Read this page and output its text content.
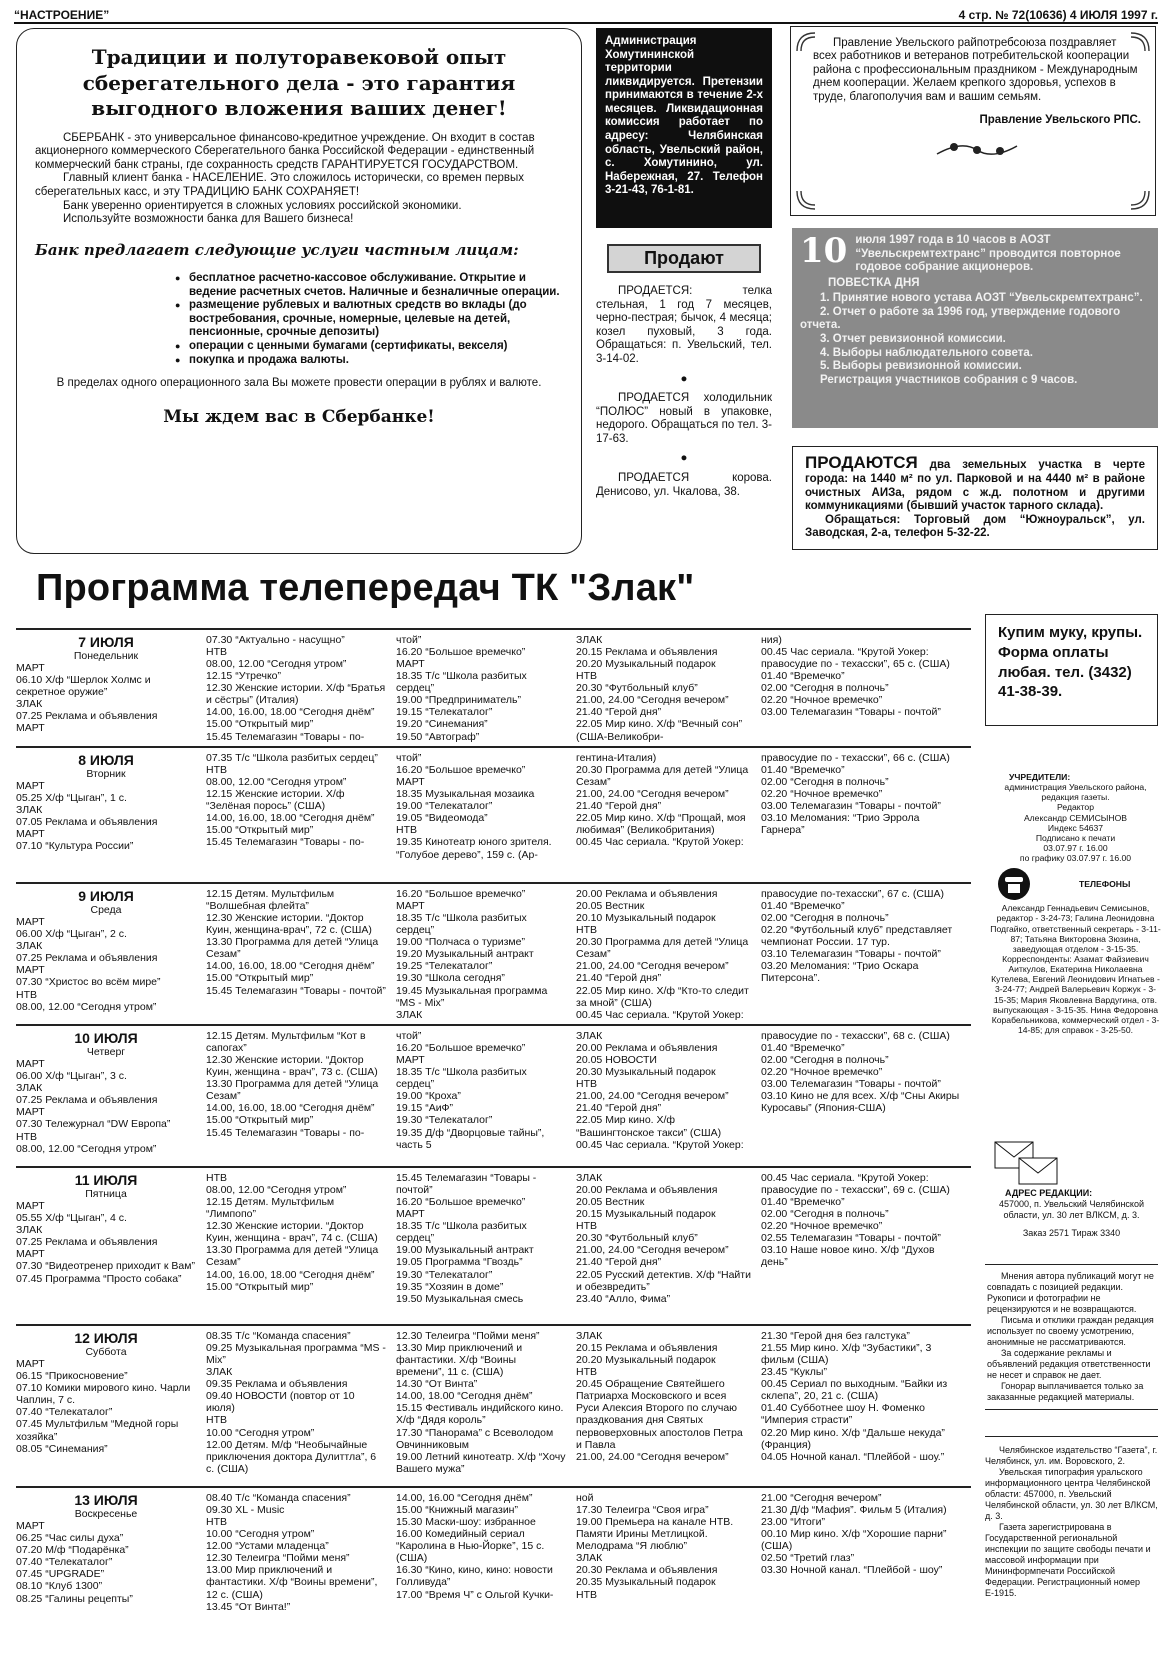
“НАСТРОЕНИЕ”	4 стр. № 72(10636) 4 ИЮЛЯ 1997 г.
Традиции и полуторавековой опыт сберегательного дела - это гарантия выгодного вложения ваших денег!

СБЕРБАНК - это универсальное финансово-кредитное учреждение. Он входит в состав акционерного коммерческого Сберегательного банка Российской Федерации - единственный коммерческий банк страны, где сохранность средств ГАРАНТИРУЕТСЯ ГОСУДАРСТВОМ.

Главный клиент банка - НАСЕЛЕНИЕ. Это сложилось исторически, со времен первых сберегательных касс, и эту ТРАДИЦИЮ БАНК СОХРАНЯЕТ!

Банк уверенно ориентируется в сложных условиях российской экономики.

Используйте возможности банка для Вашего бизнеса!

Банк предлагает следующие услуги частным лицам:
● бесплатное расчетно-кассовое обслуживание. Открытие и ведение расчетных счетов. Наличные и безналичные операции.
● размещение рублевых и валютных средств во вклады (до востребования, срочные, номерные, целевые на детей, пенсионные, срочные депозиты)
● операции с ценными бумагами (сертификаты, векселя)
● покупка и продажа валюты.

В пределах одного операционного зала Вы можете провести операции в рублях и валюте.

Мы ждем вас в Сбербанке!

Администрация Хомутининской территории ликвидируется. Претензии принимаются в течение 2-х месяцев. Ликвидационная комиссия работает по адресу: Челябинская область, Увельский район, с. Хомутинино, ул. Набережная, 27. Телефон 3-21-43, 76-1-81.

Правление Увельского райпотребсоюза поздравляет всех работников и ветеранов потребительской кооперации района с профессиональным праздником - Международным днем кооперации. Желаем крепкого здоровья, успехов в труде, благополучия вам и вашим семьям.

Правление Увельского РПС.

Продают

ПРОДАЕТСЯ: телка стельная, 1 год 7 месяцев, черно-пестрая; бычок, 4 месяца; козел пуховый, 3 года. Обращаться: п. Увельский, тел. 3-14-02.

●

ПРОДАЕТСЯ холодильник “ПОЛЮС” новый в упаковке, недорого. Обращаться по тел. 3-17-63.

●

ПРОДАЕТСЯ корова. Денисово, ул. Чкалова, 38.

10 июля 1997 года в 10 часов в АОЗТ “Увельскремтехтранс” проводится повторное годовое собрание акционеров.

ПОВЕСТКА ДНЯ

1. Принятие нового устава АОЗТ “Увельскремтехтранс”.

2. Отчет о работе за 1996 год, утверждение годового отчета.

3. Отчет ревизионной комиссии.

4. Выборы наблюдательного совета.

5. Выборы ревизионной комиссии.

Регистрация участников собрания с 9 часов.

ПРОДАЮТСЯ два земельных участка в черте города: на 1440 м² по ул. Парковой и на 4440 м² в районе очистных АИЗа, рядом с ж.д. полотном и другими коммуникациями (бывший участок тарного склада).

Обращаться: Торговый дом “Южноуральск”, ул. Заводская, 2-а, телефон 5-32-22.

Программа телепередач ТК "Злак"
7 ИЮЛЯ
Понедельник
МАРТ
06.10 Х/ф “Шерлок Холмс и секретное оружие”
ЗЛАК
07.25 Реклама и объявления
МАРТ
07.30 “Актуально - насущно”
НТВ
08.00, 12.00 “Сегодня утром”
12.15 “Утречко”
12.30 Женские истории. Х/ф “Братья и сёстры” (Италия)
14.00, 16.00, 18.00 “Сегодня днём”
15.00 “Открытый мир”
15.45 Телемагазин “Товары - по-
чтой”
16.20 “Большое времечко”
МАРТ
18.35 Т/с “Школа разбитых сердец”
19.00 “Предприниматель”
19.15 “Телекаталог”
19.20 “Синемания”
19.50 “Автограф”
ЗЛАК
20.15 Реклама и объявления
20.20 Музыкальный подарок
НТВ
20.30 “Футбольный клуб”
21.00, 24.00 “Сегодня вечером”
21.40 “Герой дня”
22.05 Мир кино. Х/ф “Вечный сон” (США-Великобри-
ния)
00.45 Час сериала. “Крутой Уокер: правосудие по - техасски”, 65 с. (США)
01.40 “Времечко”
02.00 “Сегодня в полночь”
02.20 “Ночное времечко”
03.00 Телемагазин “Товары - почтой”
8 ИЮЛЯ
Вторник
МАРТ
05.25 Х/ф “Цыган”, 1 с.
ЗЛАК
07.05 Реклама и объявления
МАРТ
07.10 “Культура России”
07.35 Т/с “Школа разбитых сердец”
НТВ
08.00, 12.00 “Сегодня утром”
12.15 Женские истории. Х/ф “Зелёная порось” (США)
14.00, 16.00, 18.00 “Сегодня днём”
15.00 “Открытый мир”
15.45 Телемагазин “Товары - по-
чтой”
16.20 “Большое времечко”
МАРТ
18.35 Музыкальная мозаика
19.00 “Телекаталог”
19.05 “Видеомода”
НТВ
19.35 Кинотеатр юного зрителя. “Голубое дерево”, 159 с. (Ар-
гентина-Италия)
20.30 Программа для детей “Улица Сезам”
21.00, 24.00 “Сегодня вечером”
21.40 “Герой дня”
22.05 Мир кино. Х/ф “Прощай, моя любимая” (Великобритания)
00.45 Час сериала. “Крутой Уокер:
правосудие по - техасски”, 66 с. (США)
01.40 “Времечко”
02.00 “Сегодня в полночь”
02.20 “Ночное времечко”
03.00 Телемагазин “Товары - почтой”
03.10 Меломания: “Трио Эррола Гарнера”
9 ИЮЛЯ
Среда
МАРТ
06.00 Х/ф “Цыган”, 2 с.
ЗЛАК
07.25 Реклама и объявления
МАРТ
07.30 “Христос во всём мире”
НТВ
08.00, 12.00 “Сегодня утром”
12.15 Детям. Мультфильм “Волшебная флейта”
12.30 Женские истории. “Доктор Куин, женщина-врач”, 72 с. (США)
13.30 Программа для детей “Улица Сезам”
14.00, 16.00, 18.00 “Сегодня днём”
15.00 “Открытый мир”
15.45 Телемагазин “Товары - почтой”
16.20 “Большое времечко”
МАРТ
18.35 Т/с “Школа разбитых сердец”
19.00 “Полчаса о туризме”
19.20 Музыкальный антракт
19.25 “Телекаталог”
19.30 “Школа сегодня”
19.45 Музыкальная программа “MS - Mix”
ЗЛАК
20.00 Реклама и объявления
20.05 Вестник
20.10 Музыкальный подарок
НТВ
20.30 Программа для детей “Улица Сезам”
21.00, 24.00 “Сегодня вечером”
21.40 “Герой дня”
22.05 Мир кино. Х/ф “Кто-то следит за мной” (США)
00.45 Час сериала. “Крутой Уокер:
правосудие по-техасски”, 67 с. (США)
01.40 “Времечко”
02.00 “Сегодня в полночь”
02.20 “Футбольный клуб” представляет чемпионат России. 17 тур.
03.10 Телемагазин “Товары - почтой”
03.20 Меломания: “Трио Оскара Питерсона”.
10 ИЮЛЯ
Четверг
МАРТ
06.00 Х/ф “Цыган”, 3 с.
ЗЛАК
07.25 Реклама и объявления
МАРТ
07.30 Тележурнал “DW Европа”
НТВ
08.00, 12.00 “Сегодня утром”
12.15 Детям. Мультфильм “Кот в сапогах”
12.30 Женские истории. “Доктор Куин, женщина - врач”, 73 с. (США)
13.30 Программа для детей “Улица Сезам”
14.00, 16.00, 18.00 “Сегодня днём”
15.00 “Открытый мир”
15.45 Телемагазин “Товары - по-
чтой”
16.20 “Большое времечко”
МАРТ
18.35 Т/с “Школа разбитых сердец”
19.00 “Кроха”
19.15 “АиФ”
19.30 “Телекаталог”
19.35 Д/ф “Дворцовые тайны”, часть 5
ЗЛАК
20.00 Реклама и объявления
20.05 НОВОСТИ
20.30 Музыкальный подарок
НТВ
21.00, 24.00 “Сегодня вечером”
21.40 “Герой дня”
22.05 Мир кино. Х/ф “Вашингтонское такси” (США)
00.45 Час сериала. “Крутой Уокер:
правосудие по - техасски”, 68 с. (США)
01.40 “Времечко”
02.00 “Сегодня в полночь”
02.20 “Ночное времечко”
03.00 Телемагазин “Товары - почтой”
03.10 Кино не для всех. Х/ф “Сны Акиры Куросавы” (Япония-США)
11 ИЮЛЯ
Пятница
МАРТ
05.55 Х/ф “Цыган”, 4 с.
ЗЛАК
07.25 Реклама и объявления
МАРТ
07.30 “Видеотренер приходит к Вам”
07.45 Программа “Просто собака”
НТВ
08.00, 12.00 “Сегодня утром”
12.15 Детям. Мультфильм “Лимпопо”
12.30 Женские истории. “Доктор Куин, женщина - врач”, 74 с. (США)
13.30 Программа для детей “Улица Сезам”
14.00, 16.00, 18.00 “Сегодня днём”
15.00 “Открытый мир”
15.45 Телемагазин “Товары - почтой”
16.20 “Большое времечко”
МАРТ
18.35 Т/с “Школа разбитых сердец”
19.00 Музыкальный антракт
19.05 Программа “Гвоздь”
19.30 “Телекаталог”
19.35 “Хозяин в доме”
19.50 Музыкальная смесь
ЗЛАК
20.00 Реклама и объявления
20.05 Вестник
20.15 Музыкальный подарок
НТВ
20.30 “Футбольный клуб”
21.00, 24.00 “Сегодня вечером”
21.40 “Герой дня”
22.05 Русский детектив. Х/ф “Найти и обезвредить”
23.40 “Алло, Фима”
00.45 Час сериала. “Крутой Уокер: правосудие по - техасски”, 69 с. (США)
01.40 “Времечко”
02.00 “Сегодня в полночь”
02.20 “Ночное времечко”
02.55 Телемагазин “Товары - почтой”
03.10 Наше новое кино. Х/ф “Духов день”
12 ИЮЛЯ
Суббота
МАРТ
06.15 “Прикосновение”
07.10 Комики мирового кино. Чарли Чаплин, 7 с.
07.40 “Телекаталог”
07.45 Мультфильм “Медной горы хозяйка”
08.05 “Синемания”
08.35 Т/с “Команда спасения”
09.25 Музыкальная программа “MS - Mix”
ЗЛАК
09.35 Реклама и объявления
09.40 НОВОСТИ (повтор от 10 июля)
НТВ
10.00 “Сегодня утром”
12.00 Детям. М/ф “Необычайные приключения доктора Дулиттла”, 6 с. (США)
12.30 Телеигра “Пойми меня”
13.30 Мир приключений и фантастики. Х/ф “Воины времени”, 11 с. (США)
14.30 “От Винта”
14.00, 18.00 “Сегодня днём”
15.15 Фестиваль индийского кино. Х/ф “Дядя король”
17.30 “Панорама” с Всеволодом Овчинниковым
19.00 Летний кинотеатр. Х/ф “Хочу Вашего мужа”
ЗЛАК
20.15 Реклама и объявления
20.20 Музыкальный подарок
НТВ
20.45 Обращение Святейшего Патриарха Московского и всея Руси Алексия Второго по случаю праздкования дня Святых первоверховных апостолов Петра и Павла
21.00, 24.00 “Сегодня вечером”
21.30 “Герой дня без галстука”
21.55 Мир кино. Х/ф “Зубастики”, 3 фильм (США)
23.45 “Куклы”
00.45 Сериал по выходным. “Байки из склепа”, 20, 21 с. (США)
01.40 Субботнее шоу Н. Фоменко “Империя страсти”
02.20 Мир кино. Х/ф “Дальше некуда” (Франция)
04.05 Ночной канал. “Плейбой - шоу.”
13 ИЮЛЯ
Воскресенье
МАРТ
06.25 “Час силы духа”
07.20 М/ф “Подарёнка”
07.40 “Телекаталог”
07.45 “UPGRADE”
08.10 “Клуб 1300”
08.25 “Галины рецепты”
08.40 Т/с “Команда спасения”
09.30 XL - Music
НТВ
10.00 “Сегодня утром”
12.00 “Устами младенца”
12.30 Телеигра “Пойми меня”
13.00 Мир приключений и фантастики. Х/ф “Воины времени”, 12 с. (США)
13.45 “От Винта!”
14.00, 16.00 “Сегодня днём”
15.00 “Книжный магазин”
15.30 Маски-шоу: избранное
16.00 Комедийный сериал “Каролина в Нью-Йорке”, 15 с. (США)
16.30 “Кино, кино, кино: новости Голливуда”
17.00 “Время Ч” с Ольгой Кучки-
ной
17.30 Телеигра “Своя игра”
19.00 Премьера на канале НТВ. Памяти Ирины Метлицкой. Мелодрама “Я люблю”
ЗЛАК
20.30 Реклама и объявления
20.35 Музыкальный подарок
НТВ
21.00 “Сегодня вечером”
21.30 Д/ф “Мафия”. Фильм 5 (Италия)
23.00 “Итоги”
00.10 Мир кино. Х/ф “Хорошие парни” (США)
02.50 “Третий глаз”
03.30 Ночной канал. “Плейбой - шоу”
Купим муку, крупы. Форма оплаты любая. тел. (3432) 41-38-39.

УЧРЕДИТЕЛИ:

администрация Увельского района, редакция газеты.

Редактор

Александр СЕМИСЫНОВ

Индекс 54637

Подписано к печати

03.07.97 г. 16.00

по графику 03.07.97 г. 16.00

ТЕЛЕФОНЫ

Александр Геннадьевич Семисынов, редактор - 3-24-73; Галина Леонидовна Подгайко, ответственный секретарь - 3-11-87; Татьяна Викторовна Зюзина, заведующая отделом - 3-15-35. Корреспонденты: Азамат Файзиевич Аиткулов, Екатерина Николаевна Кутелева, Евгений Леонидович Игнатьев - 3-24-77; Андрей Валерьевич Коржук - 3-15-35; Мария Яковлевна Вардугина, отв. выпускающая - 3-15-35. Нина Федоровна Корабельникова, коммерческий отдел - 3-14-85; для справок - 3-25-50.

АДРЕС РЕДАКЦИИ:

457000, п. Увельский Челябинской области, ул. 30 лет ВЛКСМ, д. 3.

Заказ 2571 Тираж 3340

Мнения автора публикаций могут не совпадать с позицией редакции. Рукописи и фотографии не рецензируются и не возвращаются.

Письма и отклики граждан редакция использует по своему усмотрению, анонимные не рассматриваются.

За содержание рекламы и объявлений редакция ответственности не несет и справок не дает.

Гонорар выплачивается только за заказанные редакцией материалы.

Челябинское издательство “Газета”, г. Челябинск, ул. им. Воровского, 2.

Увельская типография уральского информационного центра Челябинской области: 457000, п. Увельский Челябинской области, ул. 30 лет ВЛКСМ, д. 3.

Газета зарегистрирована в Государственной региональной инспекции по защите свободы печати и массовой информации при Мининформпечати Российской Федерации. Регистрационный номер Е-1915.
